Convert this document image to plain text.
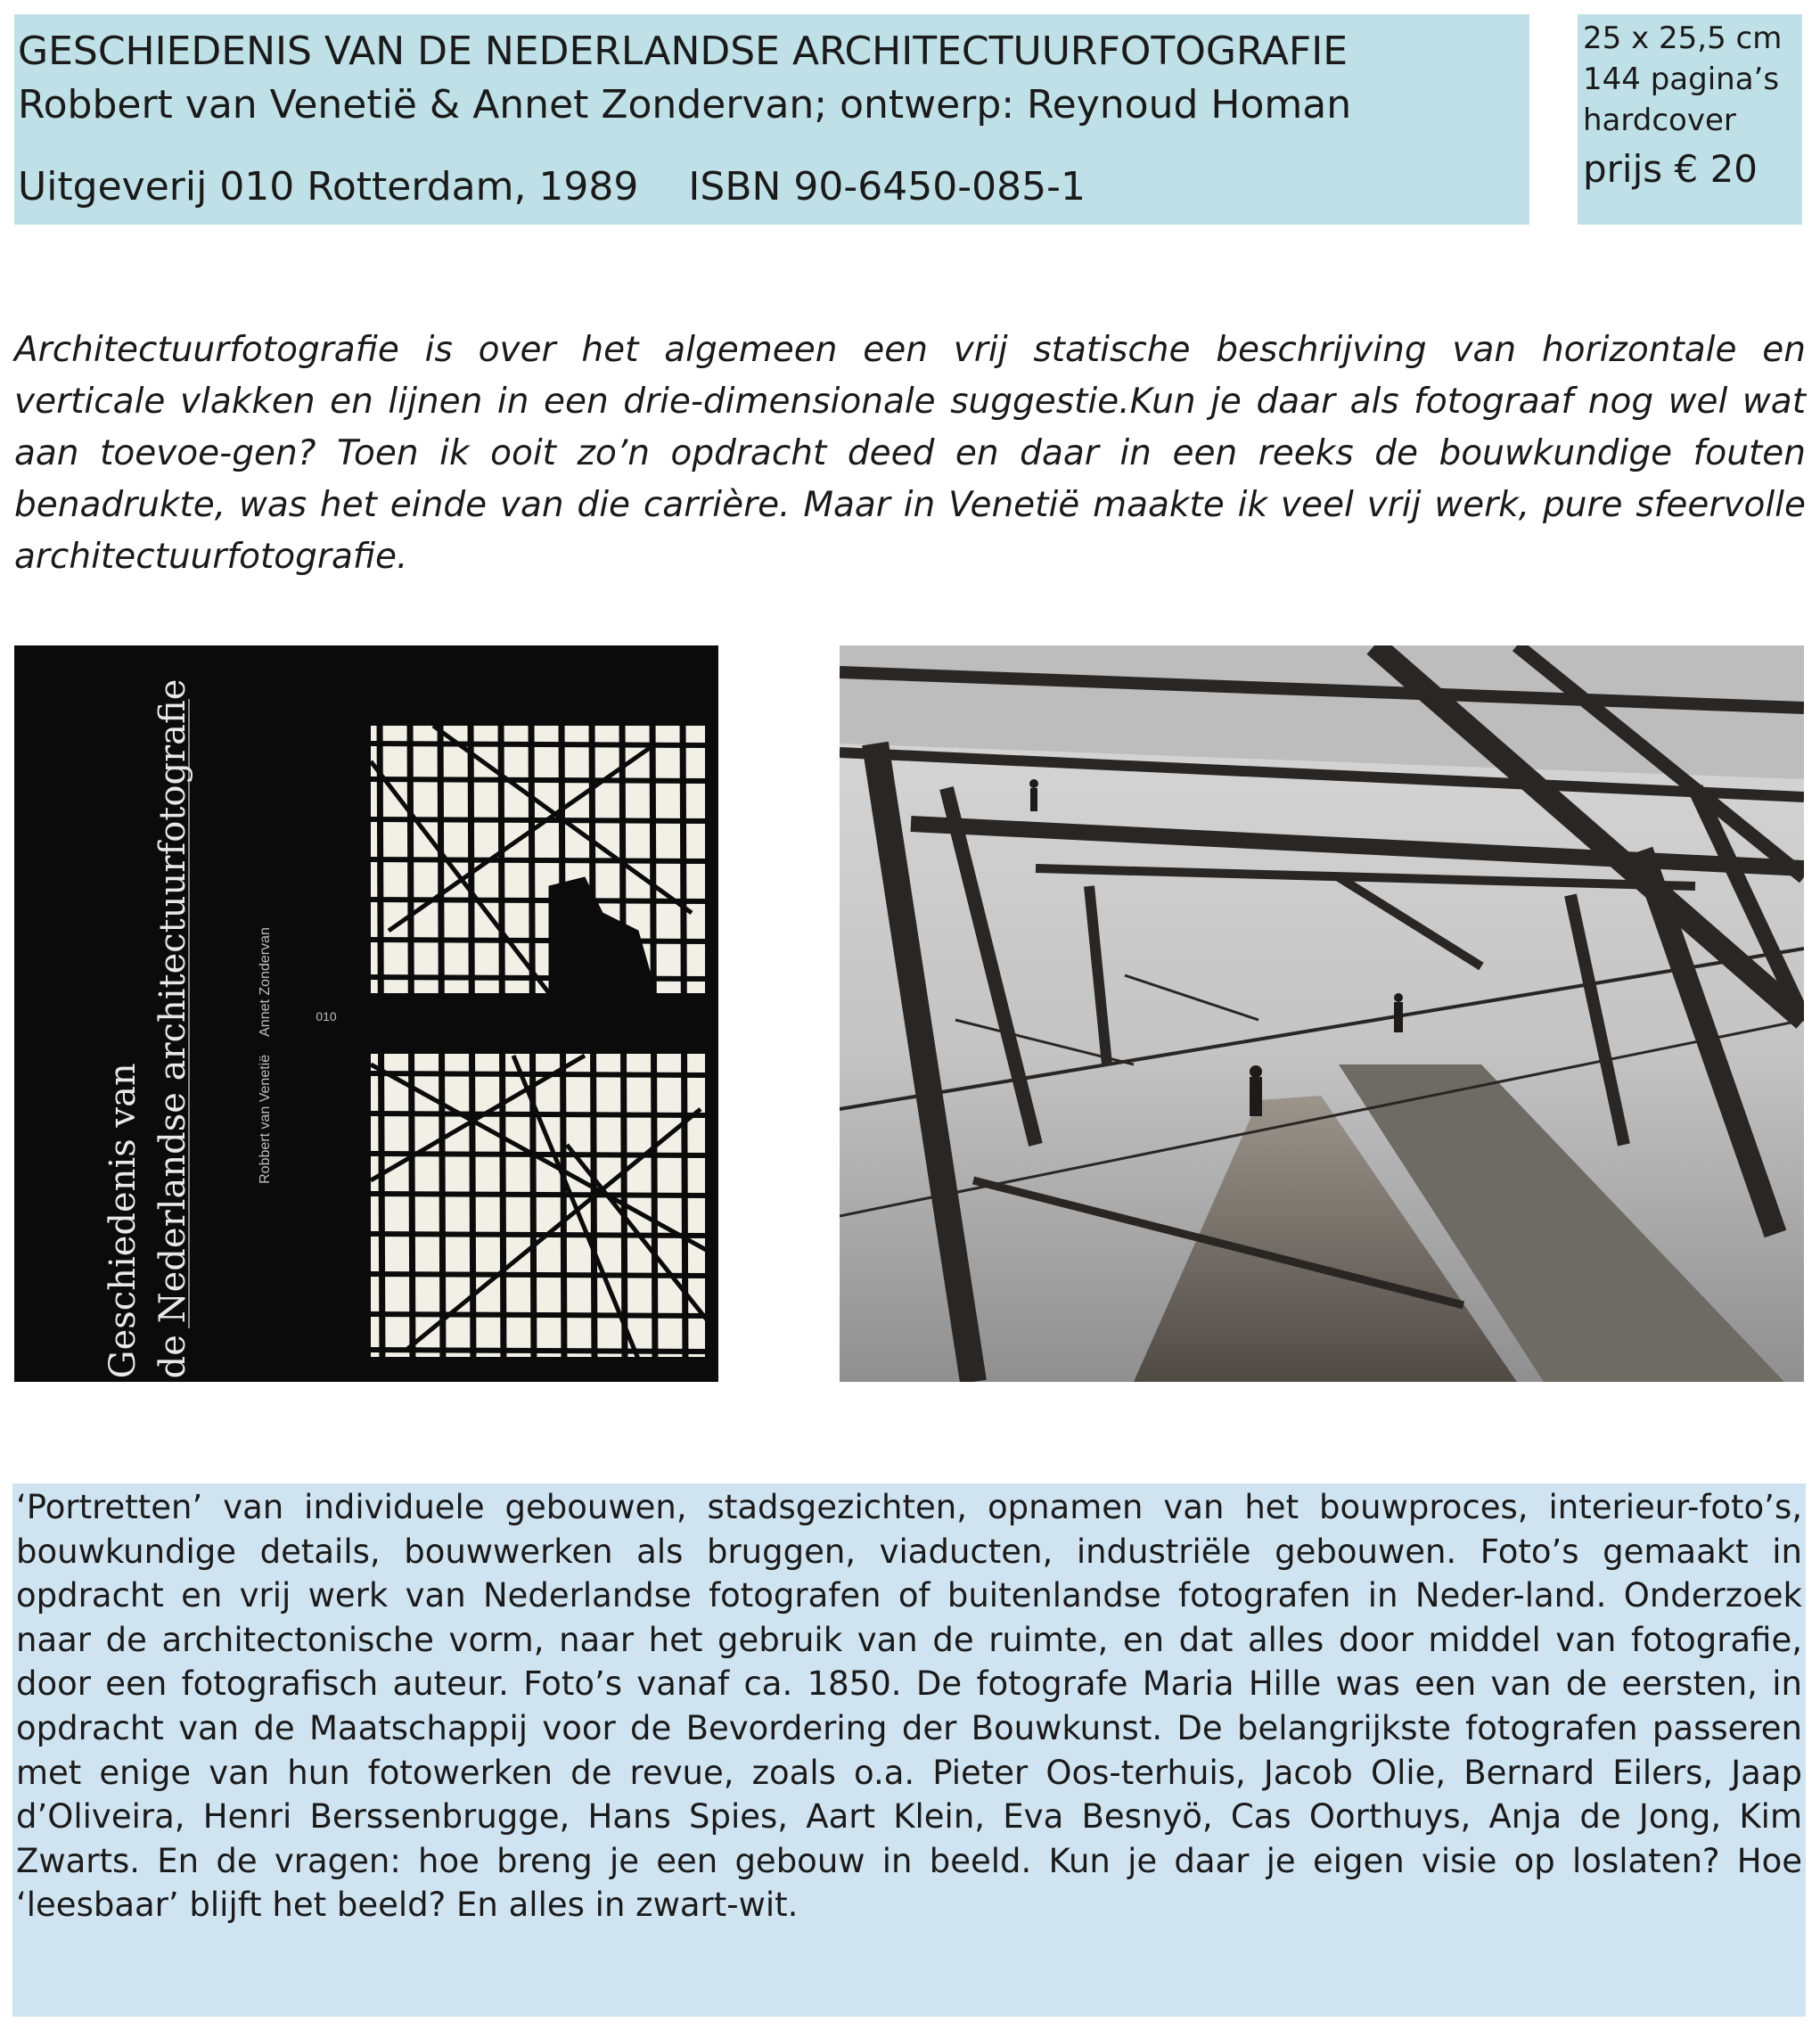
GESCHIEDENIS VAN DE NEDERLANDSE ARCHITECTUURFOTOGRAFIE
Robbert van Venetië & Annet Zondervan; ontwerp: Reynoud Homan
Uitgeverij 010 Rotterdam, 1989 ISBN 90-6450-085-1
25 x 25,5 cm
144 pagina’s
hardcover
prijs € 20

Architectuurfotografie is over het algemeen een vrij statische beschrijving van horizontale en verticale vlakken en lijnen in een drie-dimensionale suggestie.Kun je daar als fotograaf nog wel wat aan toevoe-gen? Toen ik ooit zo’n opdracht deed en daar in een reeks de bouwkundige fouten benadrukte, was het einde van die carrière. Maar in Venetië maakte ik veel vrij werk, pure sfeervolle architectuurfotografie.

Geschiedenis van de Nederlandse architectuurfotografie	Robbert van VenetiëAnnet Zondervan	010

‘Portretten’ van individuele gebouwen, stadsgezichten, opnamen van het bouwproces, interieur-foto’s, bouwkundige details, bouwwerken als bruggen, viaducten, industriële gebouwen. Foto’s gemaakt in opdracht en vrij werk van Nederlandse fotografen of buitenlandse fotografen in Neder-land. Onderzoek naar de architectonische vorm, naar het gebruik van de ruimte, en dat alles door middel van fotografie, door een fotografisch auteur. Foto’s vanaf ca. 1850. De fotografe Maria Hille was een van de eersten, in opdracht van de Maatschappij voor de Bevordering der Bouwkunst. De belangrijkste fotografen passeren met enige van hun fotowerken de revue, zoals o.a. Pieter Oos-terhuis, Jacob Olie, Bernard Eilers, Jaap d’Oliveira, Henri Berssenbrugge, Hans Spies, Aart Klein, Eva Besnyö, Cas Oorthuys, Anja de Jong, Kim Zwarts. En de vragen: hoe breng je een gebouw in beeld. Kun je daar je eigen visie op loslaten? Hoe ‘leesbaar’ blijft het beeld? En alles in zwart-wit.
